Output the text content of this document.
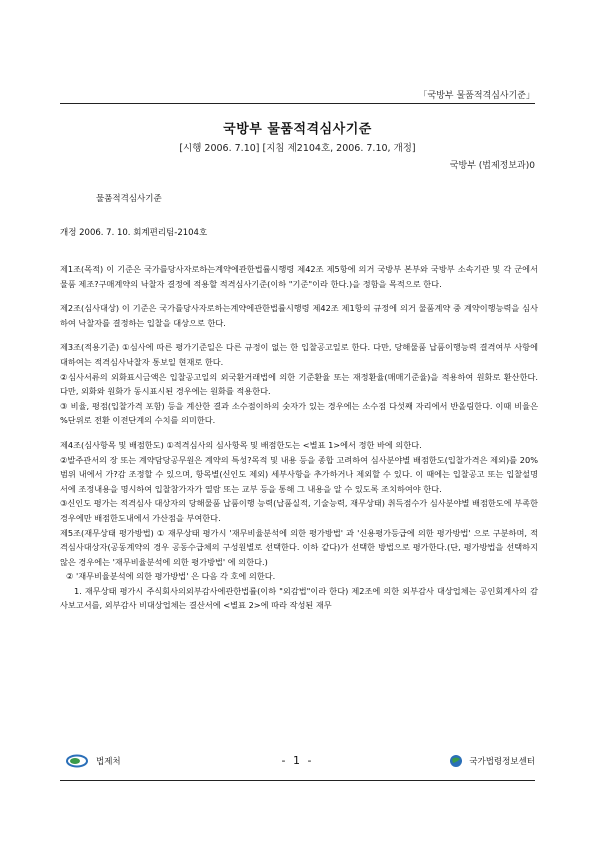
「국방부 물품적격심사기준」
국방부 물품적격심사기준
[시행 2006. 7.10] [지침 제2104호, 2006. 7.10, 개정]
국방부 (법제정보과)0
물품적격심사기준
개정 2006. 7. 10. 회계편리팀-2104호

제1조(목적) 이 기준은 국가를당사자로하는계약에관한법률시행령 제42조 제5항에 의거 국방부 본부와 국방부 소속기관 및 각 군에서 물품 제조?구매계약의 낙찰자 결정에 적용할 적격심사기준(이하 "기준"이라 한다.)을 정함을 목적으로 한다.

제2조(심사대상) 이 기준은 국가를당사자로하는계약에관한법률시행령 제42조 제1항의 규정에 의거 물품계약 중 계약이행능력을 심사하여 낙찰자를 결정하는 입찰을 대상으로 한다.

제3조(적용기준) ①심사에 따른 평가기준일은 다른 규정이 없는 한 입찰공고일로 한다. 다만, 당해물품 납품이행능력 결격여부 사항에 대하여는 적격심사낙찰자 통보일 현재로 한다.

②심사서류의 외화표시금액은 입찰공고일의 외국환거래법에 의한 기준환율 또는 재정환율(매매기준율)을 적용하여 원화로 환산한다. 다만, 외화와 원화가 동시표시된 경우에는 원화를 적용한다.

③ 비율, 평점(입찰가격 포함) 등을 계산한 결과 소수점이하의 숫자가 있는 경우에는 소수점 다섯째 자리에서 반올림한다. 이때 비율은 %단위로 전환 이전단계의 수치를 의미한다.

제4조(심사항목 및 배점한도) ①적격심사의 심사항목 및 배점한도는 <별표 1>에서 정한 바에 의한다.

②발주관서의 장 또는 계약담당공무원은 계약의 특성?목적 및 내용 등을 종합 고려하여 심사분야별 배점한도(입찰가격은 제외)를 20% 범위 내에서 가?감 조정할 수 있으며, 항목별(신인도 제외) 세부사항을 추가하거나 제외할 수 있다. 이 때에는 입찰공고 또는 입찰설명서에 조정내용을 명시하여 입찰참가자가 열람 또는 교부 등을 통해 그 내용을 알 수 있도록 조치하여야 한다.

③신인도 평가는 적격심사 대상자의 당해물품 납품이행 능력(납품실적, 기술능력, 재무상태) 취득점수가 심사분야별 배점한도에 부족한 경우에만 배점한도내에서 가산점을 부여한다.

제5조(재무상태 평가방법) ① 재무상태 평가시 '재무비율분석에 의한 평가방법' 과 '신용평가등급에 의한 평가방법' 으로 구분하며, 적격심사대상자(공동계약의 경우 공동수급체의 구성원별로 선택한다. 이하 같다)가 선택한 방법으로 평가한다.(단, 평가방법을 선택하지 않은 경우에는 '재무비율분석에 의한 평가방법' 에 의한다.)

② '재무비율분석에 의한 평가방법' 은 다음 각 호에 의한다.

1. 재무상태 평가시 주식회사의외부감사에관한법률(이하 "외감법"이라 한다) 제2조에 의한 외부감사 대상업체는 공인회계사의 감사보고서를, 외부감사 비대상업체는 결산서에 <별표 2>에 따라 작성된 재무

법제처	- 1 -	국가법령정보센터
